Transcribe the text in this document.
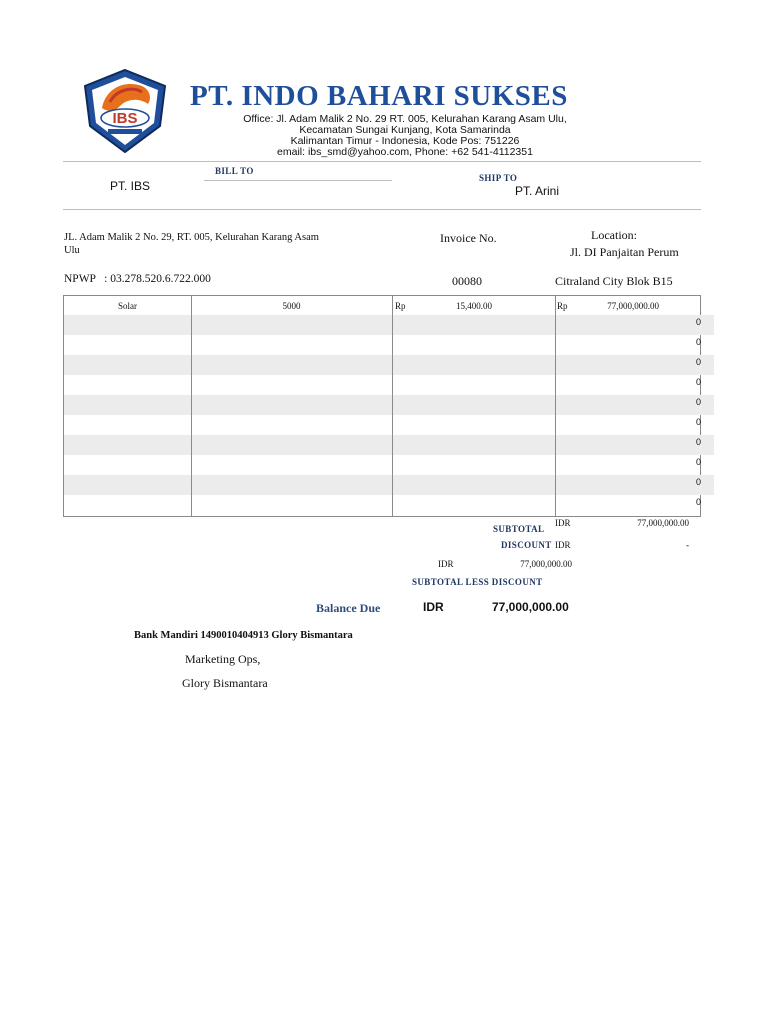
IBS
PT. INDO BAHARI SUKSES
Office: Jl. Adam Malik 2 No. 29 RT. 005, Kelurahan Karang Asam Ulu,
Kecamatan Sungai Kunjang, Kota Samarinda
Kalimantan Timur - Indonesia, Kode Pos: 751226
email: ibs_smd@yahoo.com, Phone: +62 541-4112351
BILL TO
PT. IBS
SHIP TO
PT. Arini
JL. Adam Malik 2 No. 29, RT. 005, Kelurahan Karang Asam
Ulu
NPWP   : 03.278.520.6.722.000
Invoice No.
00080
Location:
Jl. DI Panjaitan Perum
Citraland City Blok B15
Solar	5000	Rp	15,400.00	Rp	77,000,000.00
0
0
0
0
0
0
0
0
0
0
SUBTOTAL
IDR	77,000,000.00
DISCOUNT IDR	-
IDR	77,000,000.00
SUBTOTAL LESS DISCOUNT
Balance Due	IDR	77,000,000.00
Bank Mandiri 1490010404913 Glory Bismantara
Marketing Ops,
Glory Bismantara
